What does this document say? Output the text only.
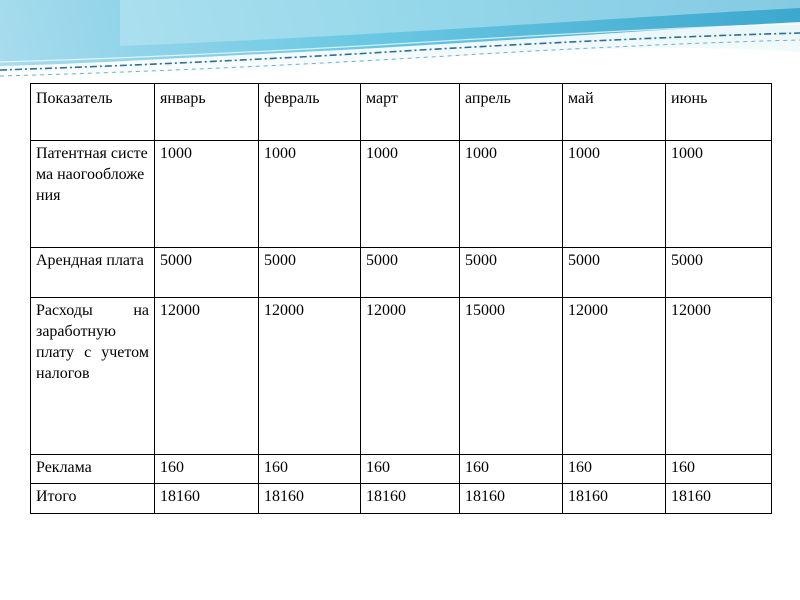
Показатель	январь	февраль	март	апрель	май	июнь
Патентная система наогообложения	1000	1000	1000	1000	1000	1000
Арендная плата	5000	5000	5000	5000	5000	5000
Расходы на заработную плату с учетом налогов	12000	12000	12000	15000	12000	12000
Реклама	160	160	160	160	160	160
Итого	18160	18160	18160	18160	18160	18160
